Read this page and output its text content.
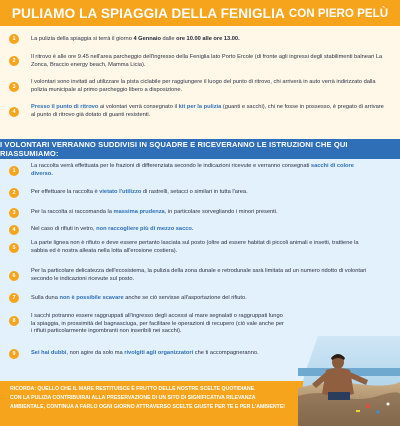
PULIAMO LA SPIAGGIA DELLA FENIGLIA CON PIERO PELÙ
1	La pulizia della spiaggia si terrà il giorno 4 Gennaio dalle ore 10.00 alle ore 13.00.
2
Il ritrovo è alle ore 9.45 nell'area parcheggio dell'ingresso della Feniglia lato Porto Ercole (di fronte agli ingressi degli stabilimenti balneari La Zonca, Braccio energy beach, Mamma Licia).
3
I volontari sono invitati ad utilizzare la pista ciclabile per raggiungere il luogo del punto di ritrovo, chi arriverà in auto verrà indirizzato dalla polizia municipale al primo parcheggio libero a disposizione.
4
Presso il punto di ritrovo ai volontari verrà consegnato il kit per la pulizia (guanti e sacchi), chi ne fosse in possesso, è pregato di arrivare al punto di ritrovo già dotato di guanti resistenti.
I VOLONTARI VERRANNO SUDDIVISI IN SQUADRE E RICEVERANNO LE ISTRUZIONI CHE QUI RIASSUMIAMO:
1
La raccolta verrà effettuata per le frazioni di differenziata secondo le indicazioni ricevute e verranno consegnati sacchi di colore diverso.
2	Per effettuare la raccolta è vietato l'utilizzo di rastrelli, setacci o similari in tutta l'area.
3	Per la raccolta si raccomanda la massima prudenza, in particolare sorvegliando i minori presenti.
4	Nel caso di rifiuti in vetro, non raccogliere più di mezzo sacco.
5
La parte lignea non è rifiuto e deve essere pertanto lasciata sul posto (oltre ad essere habitat di piccoli animali e insetti, trattiene la sabbia ed è nostra alleata nella lotta all'erosione costiera).
6
Per la particolare delicatezza dell'ecosistema, la pulizia della zona dunale e retrodunale sarà limitata ad un numero ridotto di volontari secondo le indicazioni ricevute sul posto.
7	Sulla duna non è possibile scavare anche se ciò servisse all'asportazione del rifiuto.
8
I sacchi potranno essere raggruppati all'ingresso degli accessi al mare segnalati o raggruppati lungo la spiaggia, in prossimità del bagnasciuga, per facilitare le operazioni di recupero (ciò vale anche per i rifiuti particolarmente ingombranti non inseribili nei sacchi).
9	Sei hai dubbi, non agire da solo ma rivolgiti agli organizzatori che ti accompagneranno.
RICORDA: QUELLO CHE IL MARE RESTITUISCE È FRUTTO DELLE NOSTRE SCELTE QUOTIDIANE.
CON LA PULIZIA CONTRIBUIRAI ALLA PRESERVAZIONE DI UN SITO DI SIGNIFICATIVA RILEVANZA
AMBIENTALE, CONTINUA A FARLO OGNI GIORNO ATTRAVERSO SCELTE GIUSTE PER TE E PER L'AMBIENTE!
